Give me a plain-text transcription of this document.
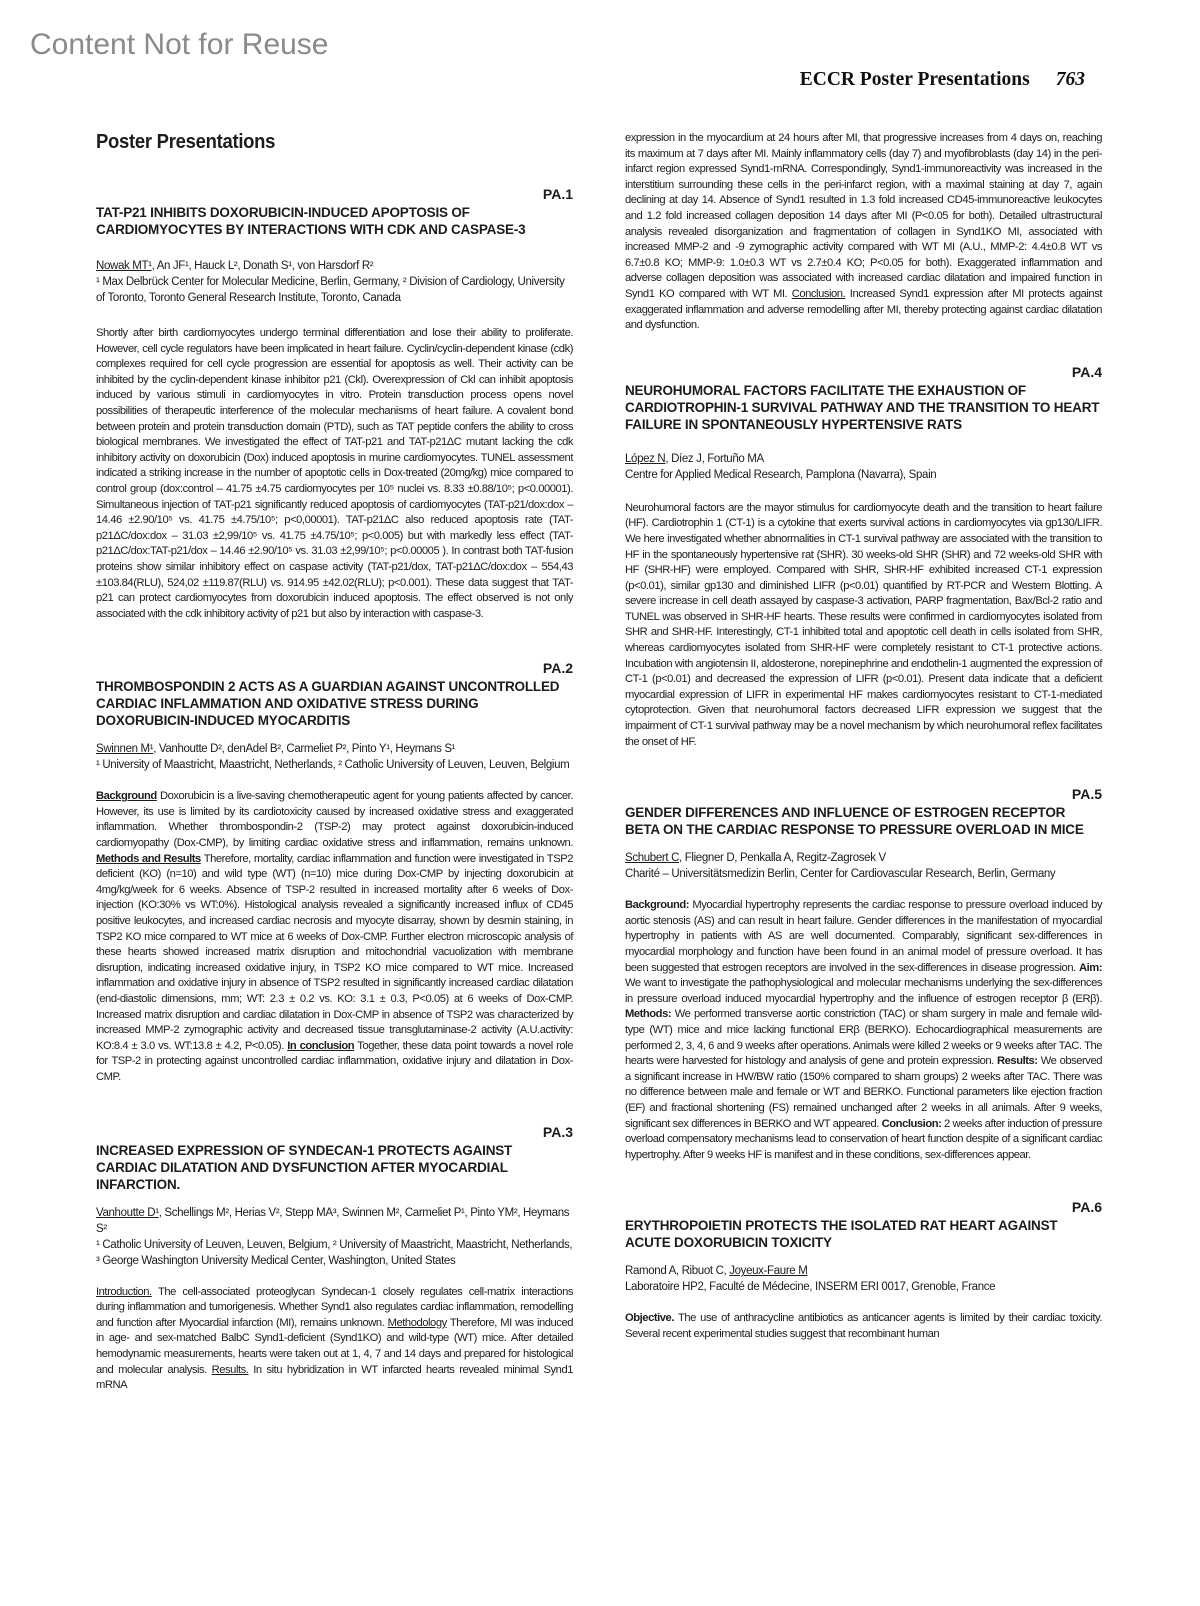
Content Not for Reuse
ECCR Poster Presentations 763
Poster Presentations
PA.1
TAT-P21 INHIBITS DOXORUBICIN-INDUCED APOPTOSIS OF CARDIOMYOCYTES BY INTERACTIONS WITH CDK AND CASPASE-3

Nowak MT¹, An JF¹, Hauck L², Donath S¹, von Harsdorf R²

¹ Max Delbrück Center for Molecular Medicine, Berlin, Germany, ² Division of Cardiology, University of Toronto, Toronto General Research Institute, Toronto, Canada

Shortly after birth cardiomyocytes undergo terminal differentiation and lose their ability to proliferate. However, cell cycle regulators have been implicated in heart failure. Cyclin/cyclin-dependent kinase (cdk) complexes required for cell cycle progression are essential for apoptosis as well. Their activity can be inhibited by the cyclin-dependent kinase inhibitor p21 (Ckl). Overexpression of Ckl can inhibit apoptosis induced by various stimuli in cardiomyocytes in vitro. Protein transduction process opens novel possibilities of therapeutic interference of the molecular mechanisms of heart failure. A covalent bond between protein and protein transduction domain (PTD), such as TAT peptide confers the ability to cross biological membranes. We investigated the effect of TAT-p21 and TAT-p21ΔC mutant lacking the cdk inhibitory activity on doxorubicin (Dox) induced apoptosis in murine cardiomyocytes. TUNEL assessment indicated a striking increase in the number of apoptotic cells in Dox-treated (20mg/kg) mice compared to control group (dox:control – 41.75 ±4.75 cardiomyocytes per 10⁵ nuclei vs. 8.33 ±0.88/10⁵; p<0.00001). Simultaneous injection of TAT-p21 significantly reduced apoptosis of cardiomyocytes (TAT-p21/dox:dox – 14.46 ±2.90/10⁵ vs. 41.75 ±4.75/10⁵; p<0,00001). TAT-p21ΔC also reduced apoptosis rate (TAT-p21ΔC/dox:dox – 31.03 ±2,99/10⁵ vs. 41.75 ±4.75/10⁵; p<0.005) but with markedly less effect (TAT-p21ΔC/dox:TAT-p21/dox – 14.46 ±2.90/10⁵ vs. 31.03 ±2,99/10⁵; p<0.00005 ). In contrast both TAT-fusion proteins show similar inhibitory effect on caspase activity (TAT-p21/dox, TAT-p21ΔC/dox:dox – 554,43 ±103.84(RLU), 524,02 ±119.87(RLU) vs. 914.95 ±42.02(RLU); p<0.001). These data suggest that TAT-p21 can protect cardiomyocytes from doxorubicin induced apoptosis. The effect observed is not only associated with the cdk inhibitory activity of p21 but also by interaction with caspase-3.

PA.2
THROMBOSPONDIN 2 ACTS AS A GUARDIAN AGAINST UNCONTROLLED CARDIAC INFLAMMATION AND OXIDATIVE STRESS DURING DOXORUBICIN-INDUCED MYOCARDITIS

Swinnen M¹, Vanhoutte D², denAdel B², Carmeliet P², Pinto Y¹, Heymans S¹

¹ University of Maastricht, Maastricht, Netherlands, ² Catholic University of Leuven, Leuven, Belgium

Background Doxorubicin is a live-saving chemotherapeutic agent for young patients affected by cancer. However, its use is limited by its cardiotoxicity caused by increased oxidative stress and exaggerated inflammation. Whether thrombospondin-2 (TSP-2) may protect against doxorubicin-induced cardiomyopathy (Dox-CMP), by limiting cardiac oxidative stress and inflammation, remains unknown. Methods and Results Therefore, mortality, cardiac inflammation and function were investigated in TSP2 deficient (KO) (n=10) and wild type (WT) (n=10) mice during Dox-CMP by injecting doxorubicin at 4mg/kg/week for 6 weeks. Absence of TSP-2 resulted in increased mortality after 6 weeks of Dox-injection (KO:30% vs WT:0%). Histological analysis revealed a significantly increased influx of CD45 positive leukocytes, and increased cardiac necrosis and myocyte disarray, shown by desmin staining, in TSP2 KO mice compared to WT mice at 6 weeks of Dox-CMP. Further electron microscopic analysis of these hearts showed increased matrix disruption and mitochondrial vacuolization with membrane disruption, indicating increased oxidative injury, in TSP2 KO mice compared to WT mice. Increased inflammation and oxidative injury in absence of TSP2 resulted in significantly increased cardiac dilatation (end-diastolic dimensions, mm; WT: 2.3 ± 0.2 vs. KO: 3.1 ± 0.3, P<0.05) at 6 weeks of Dox-CMP. Increased matrix disruption and cardiac dilatation in Dox-CMP in absence of TSP2 was characterized by increased MMP-2 zymographic activity and decreased tissue transglutaminase-2 activity (A.U.activity: KO:8.4 ± 3.0 vs. WT:13.8 ± 4.2, P<0.05). In conclusion Together, these data point towards a novel role for TSP-2 in protecting against uncontrolled cardiac inflammation, oxidative injury and dilatation in Dox-CMP.

PA.3
INCREASED EXPRESSION OF SYNDECAN-1 PROTECTS AGAINST CARDIAC DILATATION AND DYSFUNCTION AFTER MYOCARDIAL INFARCTION.

Vanhoutte D¹, Schellings M², Herias V², Stepp MA³, Swinnen M², Carmeliet P¹, Pinto YM², Heymans S²

¹ Catholic University of Leuven, Leuven, Belgium, ² University of Maastricht, Maastricht, Netherlands, ³ George Washington University Medical Center, Washington, United States

Introduction. The cell-associated proteoglycan Syndecan-1 closely regulates cell-matrix interactions during inflammation and tumorigenesis. Whether Synd1 also regulates cardiac inflammation, remodelling and function after Myocardial infarction (MI), remains unknown. Methodology Therefore, MI was induced in age- and sex-matched BalbC Synd1-deficient (Synd1KO) and wild-type (WT) mice. After detailed hemodynamic measurements, hearts were taken out at 1, 4, 7 and 14 days and prepared for histological and molecular analysis. Results. In situ hybridization in WT infarcted hearts revealed minimal Synd1 mRNA

expression in the myocardium at 24 hours after MI, that progressive increases from 4 days on, reaching its maximum at 7 days after MI. Mainly inflammatory cells (day 7) and myofibroblasts (day 14) in the peri-infarct region expressed Synd1-mRNA. Correspondingly, Synd1-immunoreactivity was increased in the interstitium surrounding these cells in the peri-infarct region, with a maximal staining at day 7, again declining at day 14. Absence of Synd1 resulted in 1.3 fold increased CD45-immunoreactive leukocytes and 1.2 fold increased collagen deposition 14 days after MI (P<0.05 for both). Detailed ultrastructural analysis revealed disorganization and fragmentation of collagen in Synd1KO MI, associated with increased MMP-2 and -9 zymographic activity compared with WT MI (A.U., MMP-2: 4.4±0.8 WT vs 6.7±0.8 KO; MMP-9: 1.0±0.3 WT vs 2.7±0.4 KO; P<0.05 for both). Exaggerated inflammation and adverse collagen deposition was associated with increased cardiac dilatation and impaired function in Synd1 KO compared with WT MI. Conclusion. Increased Synd1 expression after MI protects against exaggerated inflammation and adverse remodelling after MI, thereby protecting against cardiac dilatation and dysfunction.

PA.4
NEUROHUMORAL FACTORS FACILITATE THE EXHAUSTION OF CARDIOTROPHIN-1 SURVIVAL PATHWAY AND THE TRANSITION TO HEART FAILURE IN SPONTANEOUSLY HYPERTENSIVE RATS

López N, Díez J, Fortuño MA

Centre for Applied Medical Research, Pamplona (Navarra), Spain

Neurohumoral factors are the mayor stimulus for cardiomyocyte death and the transition to heart failure (HF). Cardiotrophin 1 (CT-1) is a cytokine that exerts survival actions in cardiomyocytes via gp130/LIFR. We here investigated whether abnormalities in CT-1 survival pathway are associated with the transition to HF in the spontaneously hypertensive rat (SHR). 30 weeks-old SHR (SHR) and 72 weeks-old SHR with HF (SHR-HF) were employed. Compared with SHR, SHR-HF exhibited increased CT-1 expression (p<0.01), similar gp130 and diminished LIFR (p<0.01) quantified by RT-PCR and Western Blotting. A severe increase in cell death assayed by caspase-3 activation, PARP fragmentation, Bax/Bcl-2 ratio and TUNEL was observed in SHR-HF hearts. These results were confirmed in cardiomyocytes isolated from SHR and SHR-HF. Interestingly, CT-1 inhibited total and apoptotic cell death in cells isolated from SHR, whereas cardiomyocytes isolated from SHR-HF were completely resistant to CT-1 protective actions. Incubation with angiotensin II, aldosterone, norepinephrine and endothelin-1 augmented the expression of CT-1 (p<0.01) and decreased the expression of LIFR (p<0.01). Present data indicate that a deficient myocardial expression of LIFR in experimental HF makes cardiomyocytes resistant to CT-1-mediated cytoprotection. Given that neurohumoral factors decreased LIFR expression we suggest that the impairment of CT-1 survival pathway may be a novel mechanism by which neurohumoral reflex facilitates the onset of HF.

PA.5
GENDER DIFFERENCES AND INFLUENCE OF ESTROGEN RECEPTOR BETA ON THE CARDIAC RESPONSE TO PRESSURE OVERLOAD IN MICE

Schubert C, Fliegner D, Penkalla A, Regitz-Zagrosek V

Charité – Universitätsmedizin Berlin, Center for Cardiovascular Research, Berlin, Germany

Background: Myocardial hypertrophy represents the cardiac response to pressure overload induced by aortic stenosis (AS) and can result in heart failure. Gender differences in the manifestation of myocardial hypertrophy in patients with AS are well documented. Comparably, significant sex-differences in myocardial morphology and function have been found in an animal model of pressure overload. It has been suggested that estrogen receptors are involved in the sex-differences in disease progression. Aim: We want to investigate the pathophysiological and molecular mechanisms underlying the sex-differences in pressure overload induced myocardial hypertrophy and the influence of estrogen receptor β (ERβ). Methods: We performed transverse aortic constriction (TAC) or sham surgery in male and female wild-type (WT) mice and mice lacking functional ERβ (BERKO). Echocardiographical measurements are performed 2, 3, 4, 6 and 9 weeks after operations. Animals were killed 2 weeks or 9 weeks after TAC. The hearts were harvested for histology and analysis of gene and protein expression. Results: We observed a significant increase in HW/BW ratio (150% compared to sham groups) 2 weeks after TAC. There was no difference between male and female or WT and BERKO. Functional parameters like ejection fraction (EF) and fractional shortening (FS) remained unchanged after 2 weeks in all animals. After 9 weeks, significant sex differences in BERKO and WT appeared. Conclusion: 2 weeks after induction of pressure overload compensatory mechanisms lead to conservation of heart function despite of a significant cardiac hypertrophy. After 9 weeks HF is manifest and in these conditions, sex-differences appear.

PA.6
ERYTHROPOIETIN PROTECTS THE ISOLATED RAT HEART AGAINST ACUTE DOXORUBICIN TOXICITY

Ramond A, Ribuot C, Joyeux-Faure M

Laboratoire HP2, Faculté de Médecine, INSERM ERI 0017, Grenoble, France

Objective. The use of anthracycline antibiotics as anticancer agents is limited by their cardiac toxicity. Several recent experimental studies suggest that recombinant human
